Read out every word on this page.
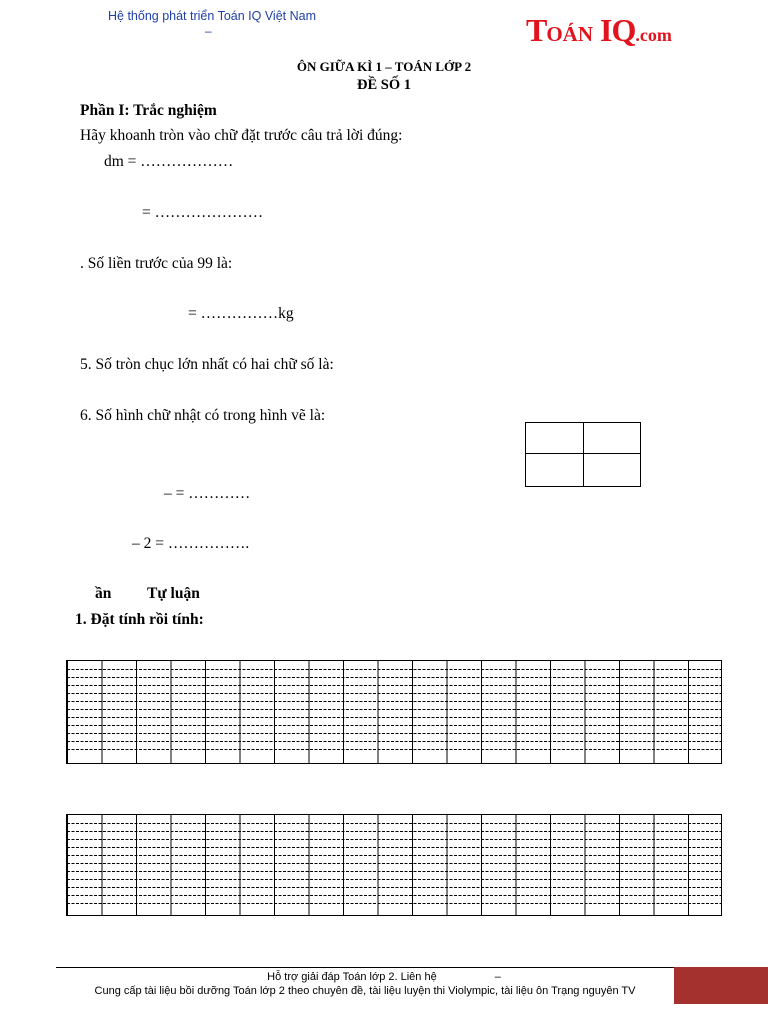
Hệ thống phát triển Toán IQ Việt Nam
–	TOÁN IQ.com
ÔN GIỮA KÌ 1 – TOÁN LỚP 2
ĐỀ SỐ 1
Phần I: Trắc nghiệm
Hãy khoanh tròn vào chữ đặt trước câu trả lời đúng:
dm = ………………
= …………………
. Số liền trước của 99 là:
= ……………kg
5. Số tròn chục lớn nhất có hai chữ số là:
6. Số hình chữ nhật có trong hình vẽ là:
– = …………
– 2 = …………….
ần Tự luận
1. Đặt tính rồi tính:
Hỗ trợ giải đáp Toán lớp 2. Liên hệ	–
Cung cấp tài liệu bồi dưỡng Toán lớp 2 theo chuyên đề, tài liệu luyện thi Violympic, tài liệu ôn Trạng nguyên TV
